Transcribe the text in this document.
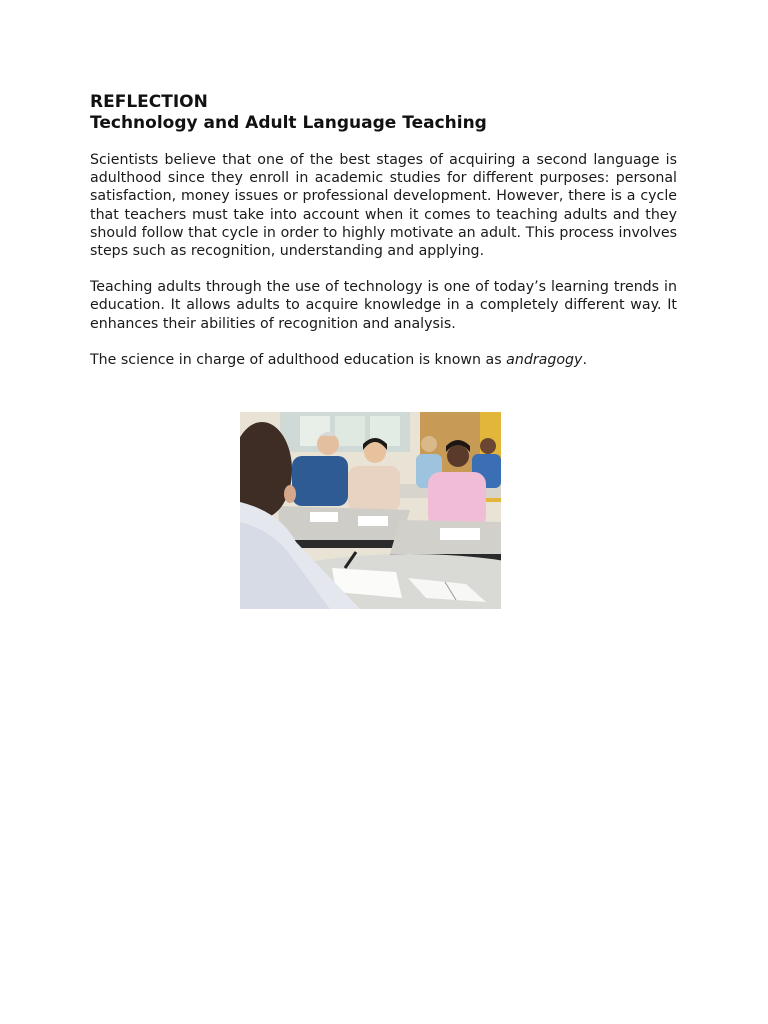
REFLECTION
Technology and Adult Language Teaching

Scientists believe that one of the best stages of acquiring a second language is adulthood since they enroll in academic studies for different purposes: personal satisfaction, money issues or professional development. However, there is a cycle that teachers must take into account when it comes to teaching adults and they should follow that cycle in order to highly motivate an adult. This process involves steps such as recognition, understanding and applying.

Teaching adults through the use of technology is one of today’s learning trends in education. It allows adults to acquire knowledge in a completely different way. It enhances their abilities of recognition and analysis.

The science in charge of adulthood education is known as andragogy.
